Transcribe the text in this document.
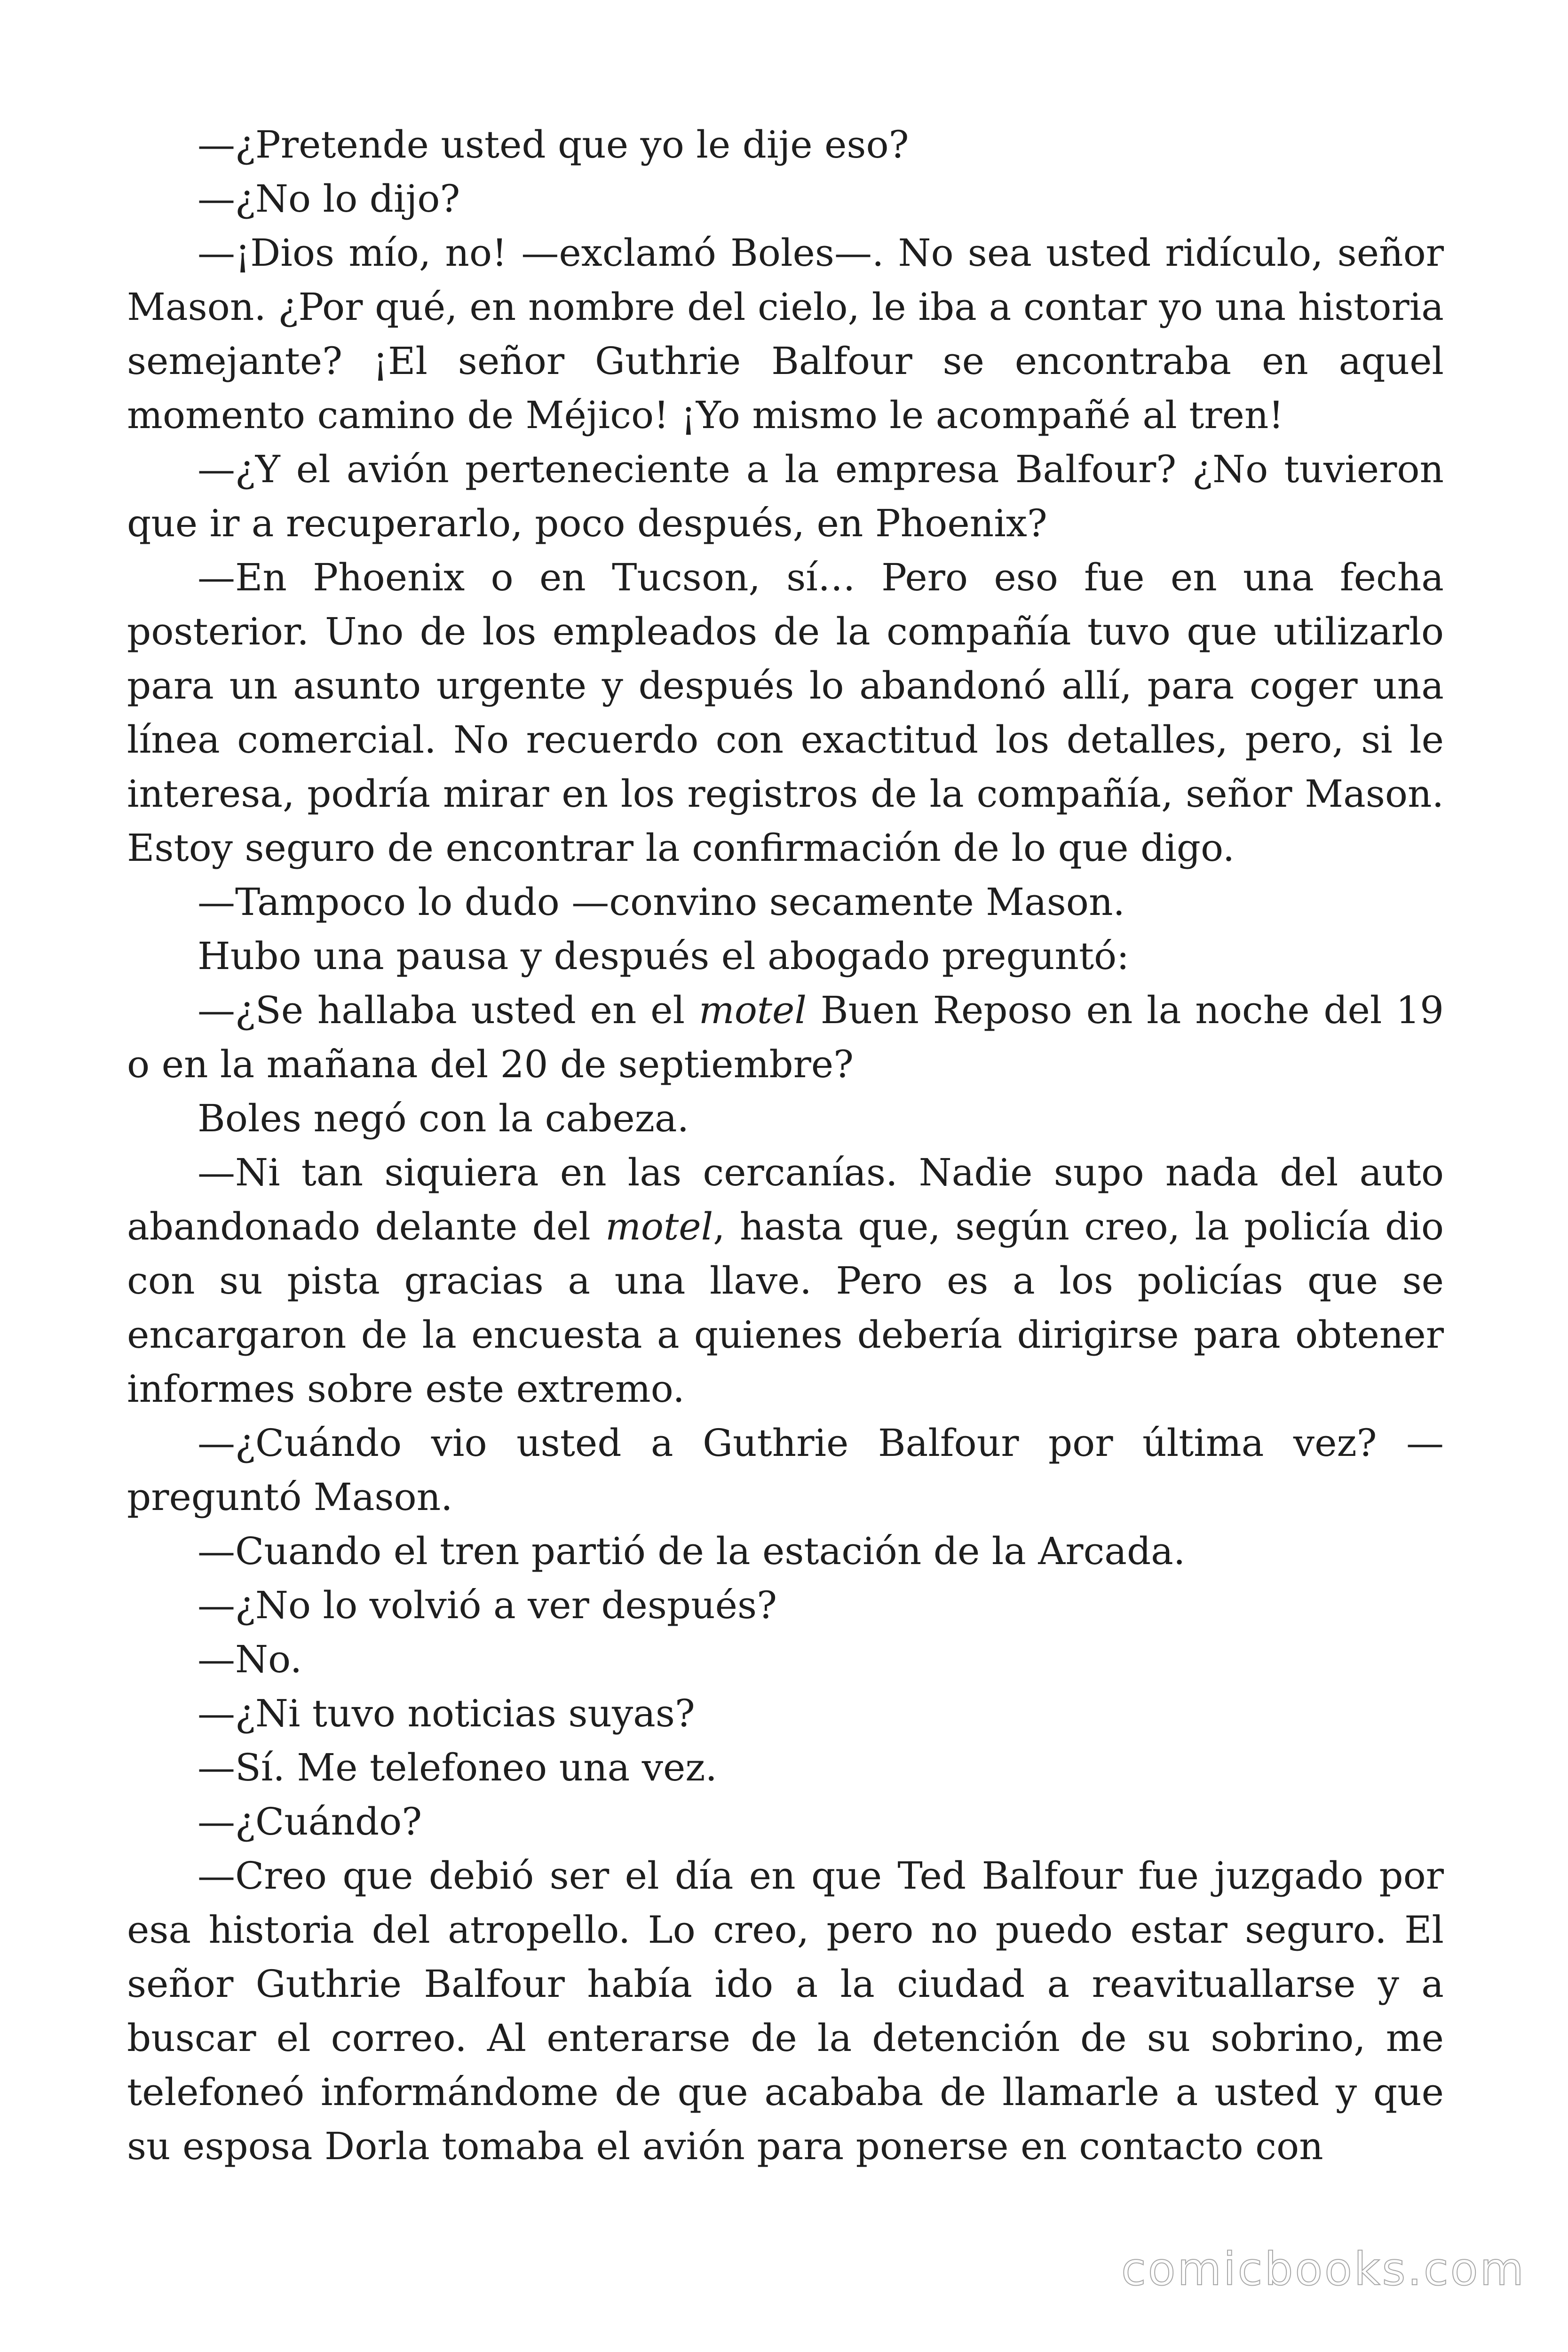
—¿Pretende usted que yo le dije eso?

—¿No lo dijo?

—¡Dios mío, no! —exclamó Boles—. No sea usted ridículo, señor Mason. ¿Por qué, en nombre del cielo, le iba a contar yo una historia semejante? ¡El señor Guthrie Balfour se encontraba en aquel momento camino de Méjico! ¡Yo mismo le acompañé al tren!

—¿Y el avión perteneciente a la empresa Balfour? ¿No tuvieron que ir a recuperarlo, poco después, en Phoenix?

—En Phoenix o en Tucson, sí… Pero eso fue en una fecha posterior. Uno de los empleados de la compañía tuvo que utilizarlo para un asunto urgente y después lo abandonó allí, para coger una línea comercial. No recuerdo con exactitud los detalles, pero, si le interesa, podría mirar en los registros de la compañía, señor Mason. Estoy seguro de encontrar la confirmación de lo que digo.

—Tampoco lo dudo —convino secamente Mason.

Hubo una pausa y después el abogado preguntó:

—¿Se hallaba usted en el motel Buen Reposo en la noche del 19 o en la mañana del 20 de septiembre?

Boles negó con la cabeza.

—Ni tan siquiera en las cercanías. Nadie supo nada del auto abandonado delante del motel, hasta que, según creo, la policía dio con su pista gracias a una llave. Pero es a los policías que se encargaron de la encuesta a quienes debería dirigirse para obtener informes sobre este extremo.

—¿Cuándo vio usted a Guthrie Balfour por última vez? —preguntó Mason.

—Cuando el tren partió de la estación de la Arcada.

—¿No lo volvió a ver después?

—No.

—¿Ni tuvo noticias suyas?

—Sí. Me telefoneo una vez.

—¿Cuándo?

—Creo que debió ser el día en que Ted Balfour fue juzgado por esa historia del atropello. Lo creo, pero no puedo estar seguro. El señor Guthrie Balfour había ido a la ciudad a reavituallarse y a buscar el correo. Al enterarse de la detención de su sobrino, me telefoneó informándome de que acababa de llamarle a usted y que su esposa Dorla tomaba el avión para ponerse en contacto con

comicbooks.com
